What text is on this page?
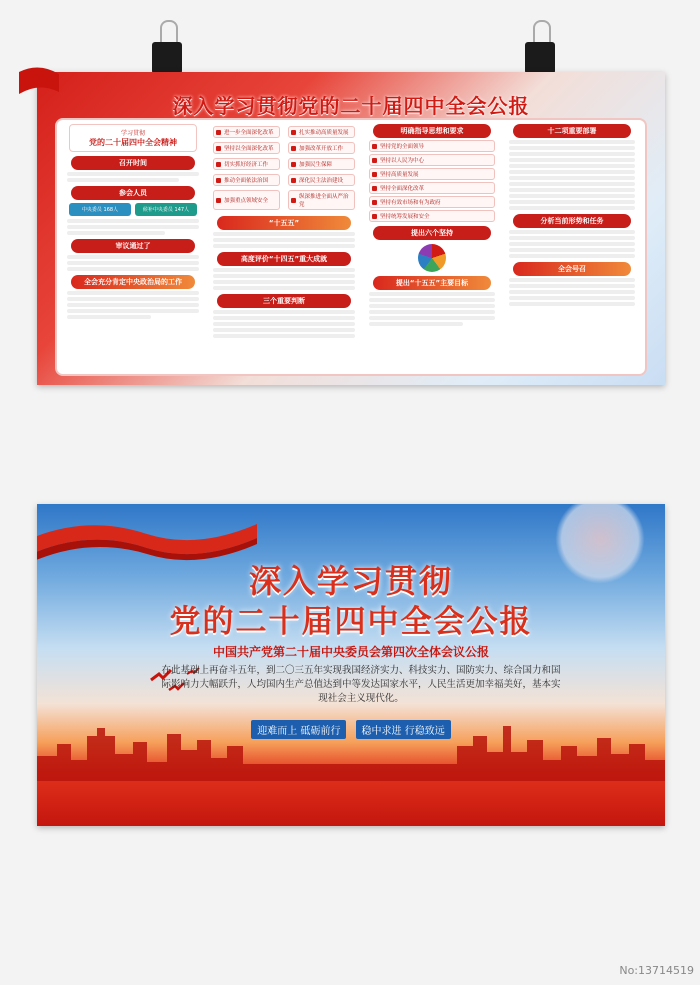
深入学习贯彻党的二十届四中全会公报
学习贯彻
党的二十届四中全会精神
召开时间
参会人员
中央委员 168人	候补中央委员 147人
审议通过了
全会充分肯定中央政治局的工作
进一步全面深化改革	扎实推动高质量发展
坚持以全面深化改革	加强改革开放工作
切实抓好经济工作	加强民生保障
推动全面依法治国	深化民主法治建设
加强重点领域安全
纵深推进全面从严治党
“十五五”
高度评价“十四五”重大成就
三个重要判断
明确指导思想和要求
坚持党的全面领导
坚持以人民为中心
坚持高质量发展
坚持全面深化改革
坚持有效市场和有为政府
坚持统筹发展和安全
提出六个坚持
提出“十五五”主要目标
十二项重要部署
分析当前形势和任务
全会号召
深入学习贯彻
党的二十届四中全会公报
中国共产党第二十届中央委员会第四次全体会议公报
在此基础上再奋斗五年，到二〇三五年实现我国经济实力、科技实力、国防实力、综合国力和国际影响力大幅跃升，人均国内生产总值达到中等发达国家水平，人民生活更加幸福美好，基本实现社会主义现代化。
迎难而上 砥砺前行 稳中求进 行稳致远
No:13714519
